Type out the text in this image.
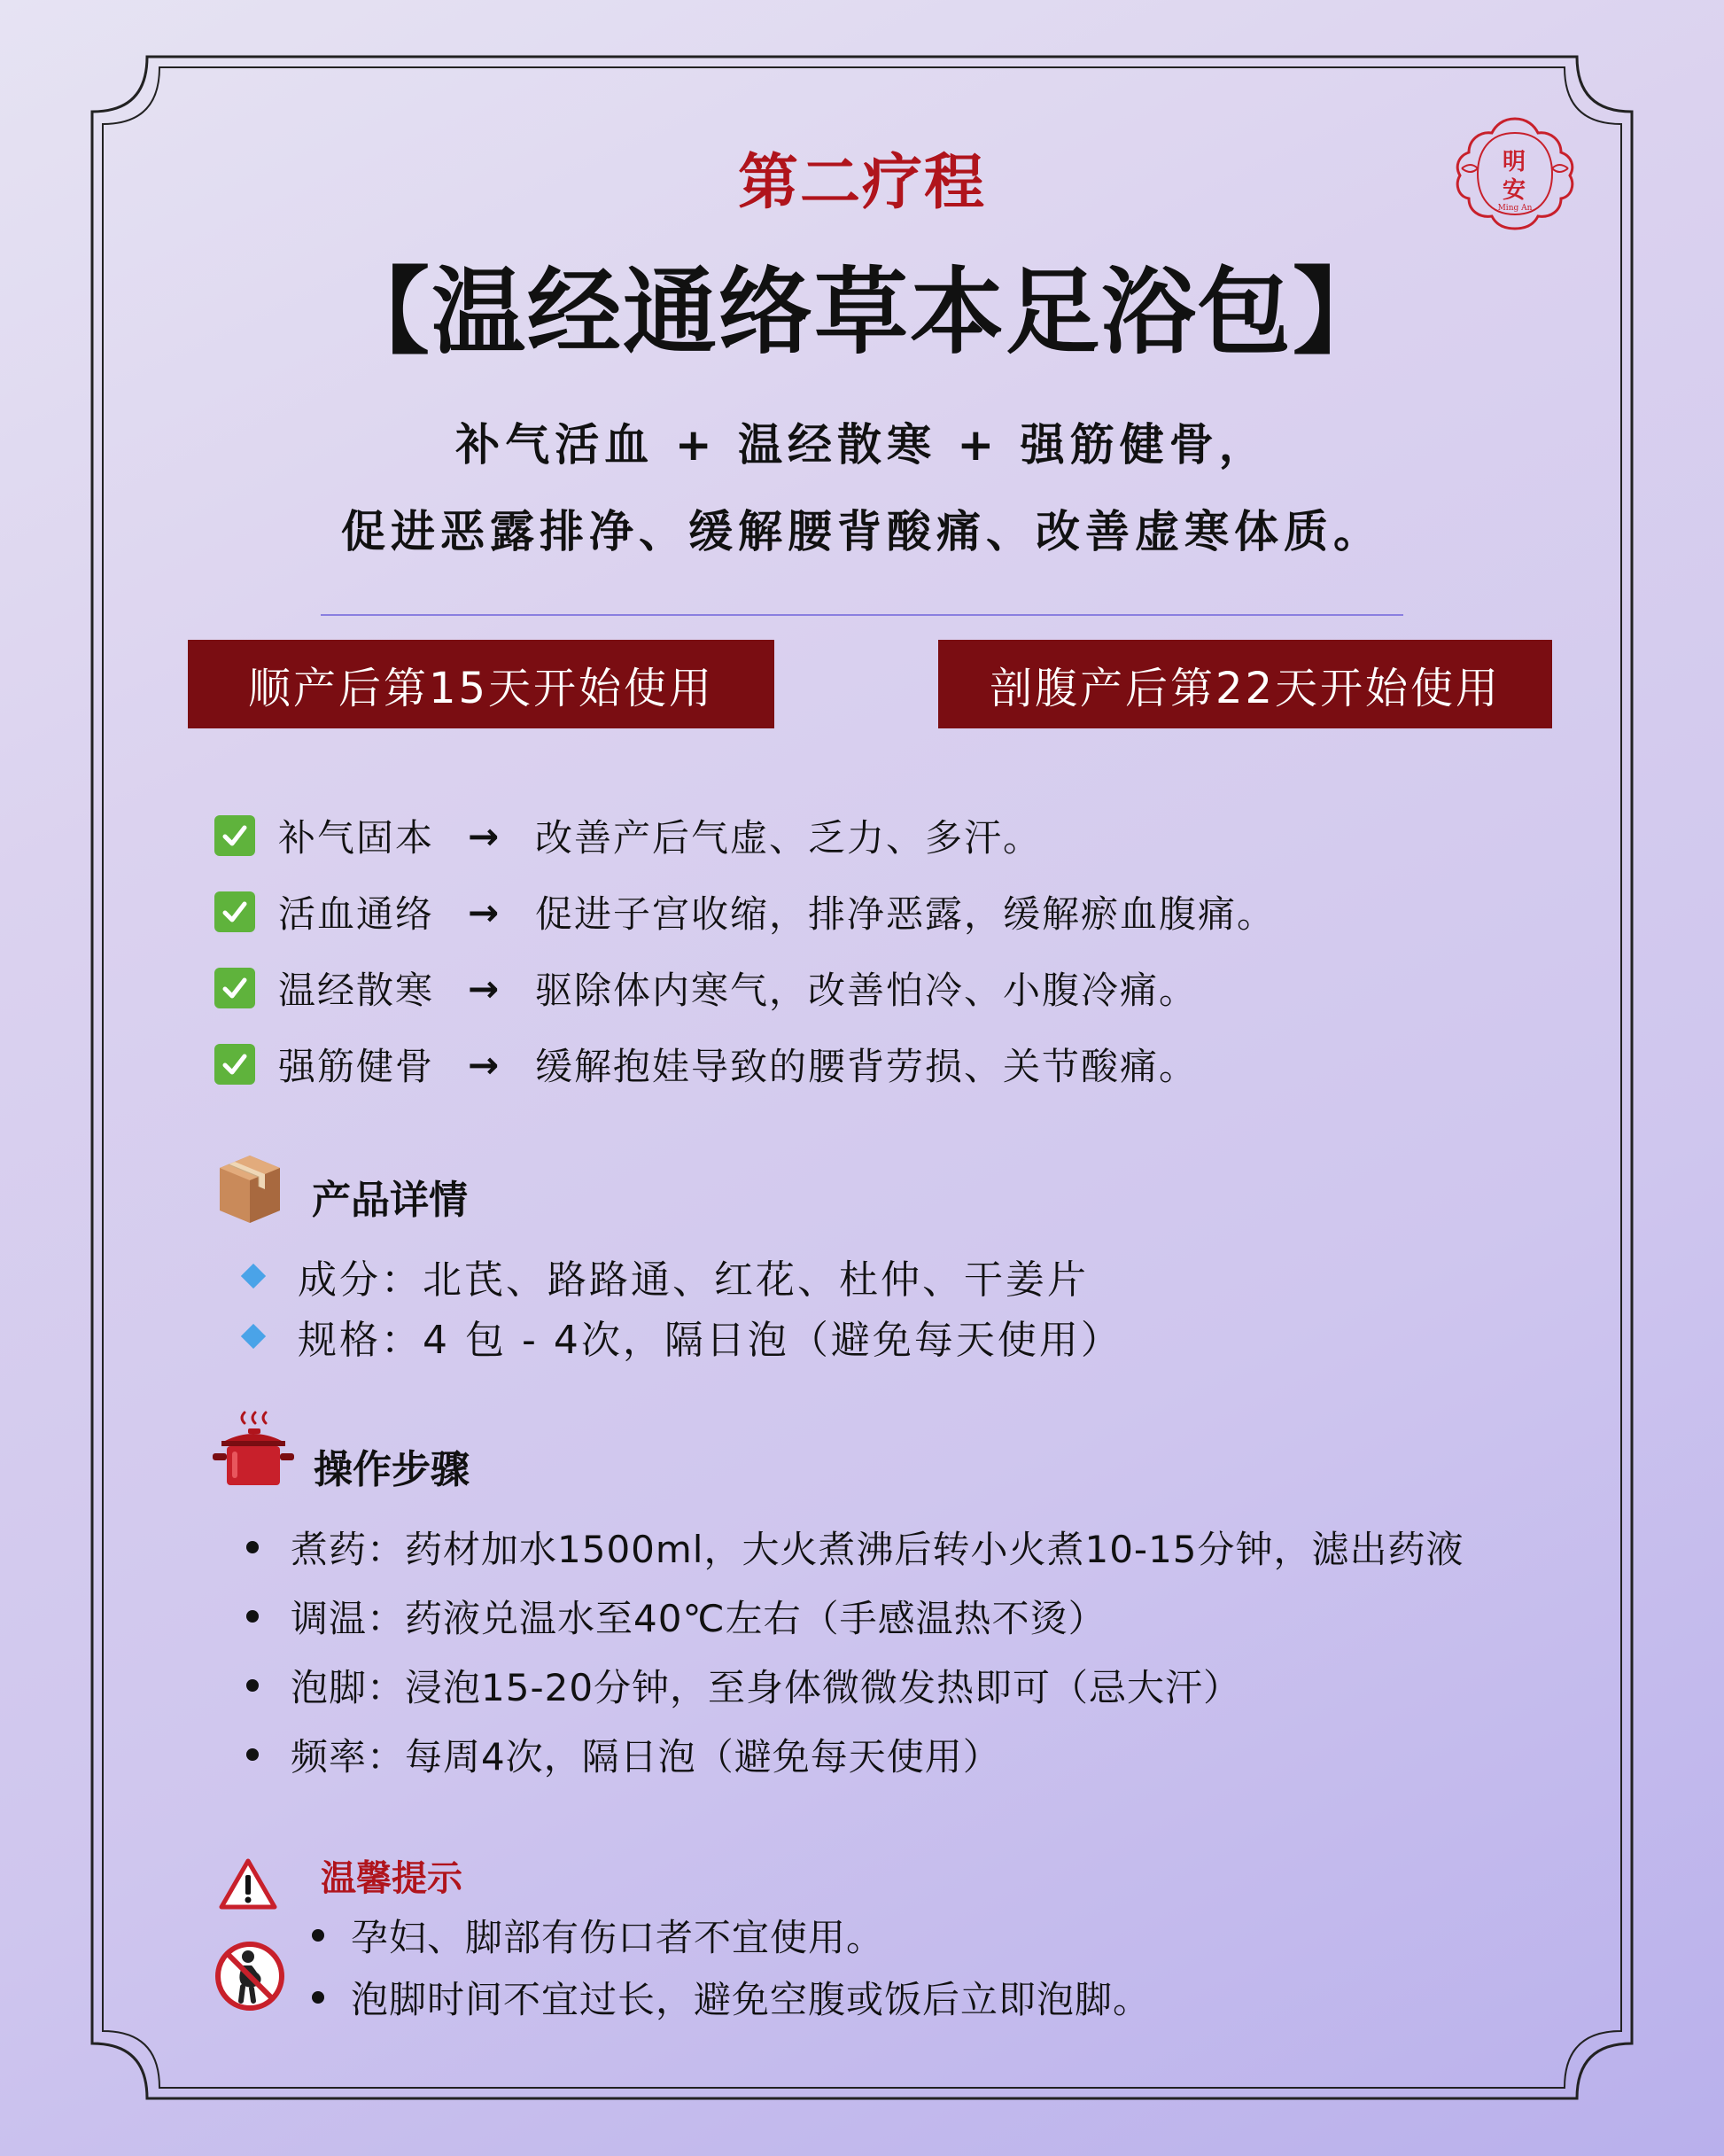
明
安
Ming An
第二疗程
【温经通络草本足浴包】
补气活血 + 温经散寒 + 强筋健骨，
促进恶露排净、缓解腰背酸痛、改善虚寒体质。
顺产后第15天开始使用	剖腹产后第22天开始使用
补气固本 → 改善产后气虚、乏力、多汗。
活血通络 → 促进子宫收缩，排净恶露，缓解瘀血腹痛。
温经散寒 → 驱除体内寒气，改善怕冷、小腹冷痛。
强筋健骨 → 缓解抱娃导致的腰背劳损、关节酸痛。
产品详情
成分：北芪、路路通、红花、杜仲、干姜片
规格：4 包 - 4次，隔日泡（避免每天使用）
操作步骤
煮药：药材加水1500ml，大火煮沸后转小火煮10-15分钟，滤出药液
调温：药液兑温水至40℃左右（手感温热不烫）
泡脚：浸泡15-20分钟，至身体微微发热即可（忌大汗）
频率：每周4次，隔日泡（避免每天使用）
温馨提示
孕妇、脚部有伤口者不宜使用。
泡脚时间不宜过长，避免空腹或饭后立即泡脚。
